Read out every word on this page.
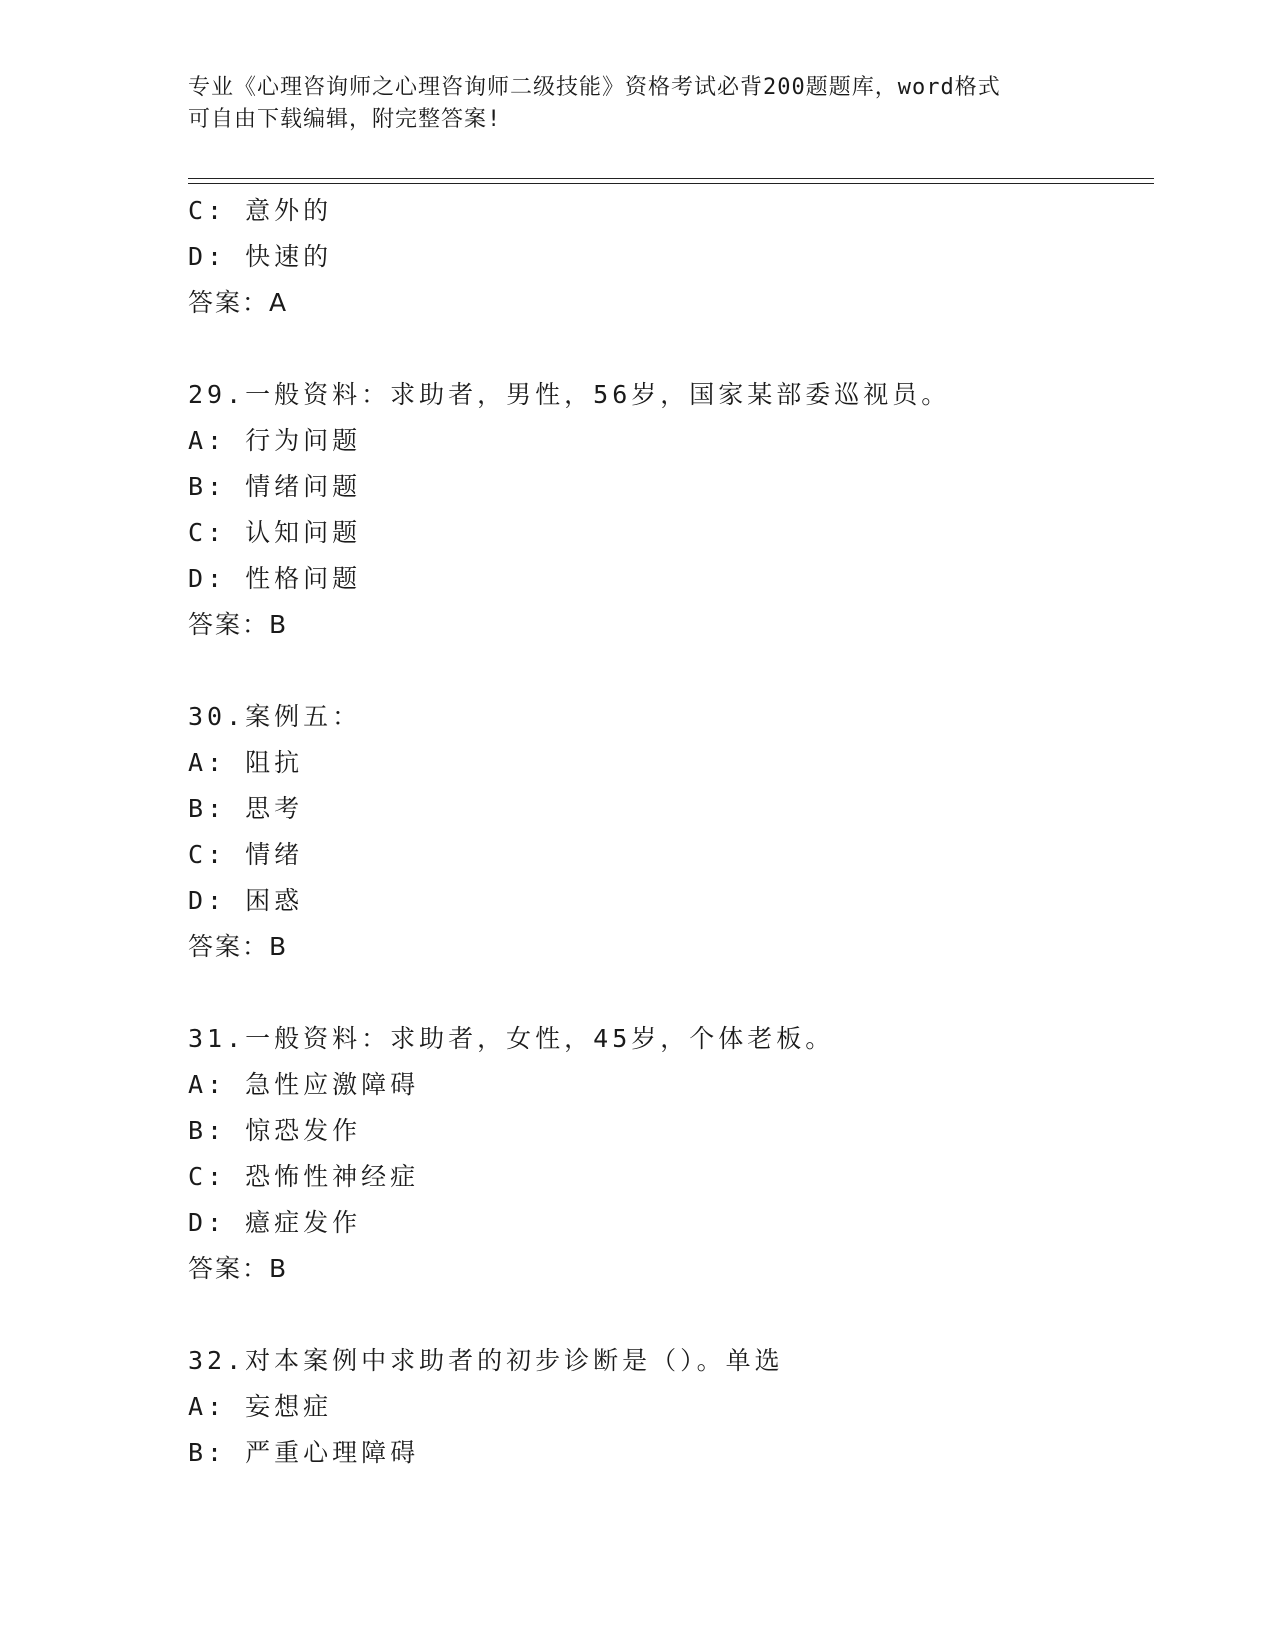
专业《心理咨询师之心理咨询师二级技能》资格考试必背200题题库，word格式
可自由下载编辑，附完整答案!
C: 意外的
D: 快速的
答案：A
29.一般资料：求助者，男性，56岁，国家某部委巡视员。
A: 行为问题
B: 情绪问题
C: 认知问题
D: 性格问题
答案：B
30.案例五：
A: 阻抗
B: 思考
C: 情绪
D: 困惑
答案：B
31.一般资料：求助者，女性，45岁，个体老板。
A: 急性应激障碍
B: 惊恐发作
C: 恐怖性神经症
D: 癔症发作
答案：B
32.对本案例中求助者的初步诊断是（）。单选
A: 妄想症
B: 严重心理障碍
